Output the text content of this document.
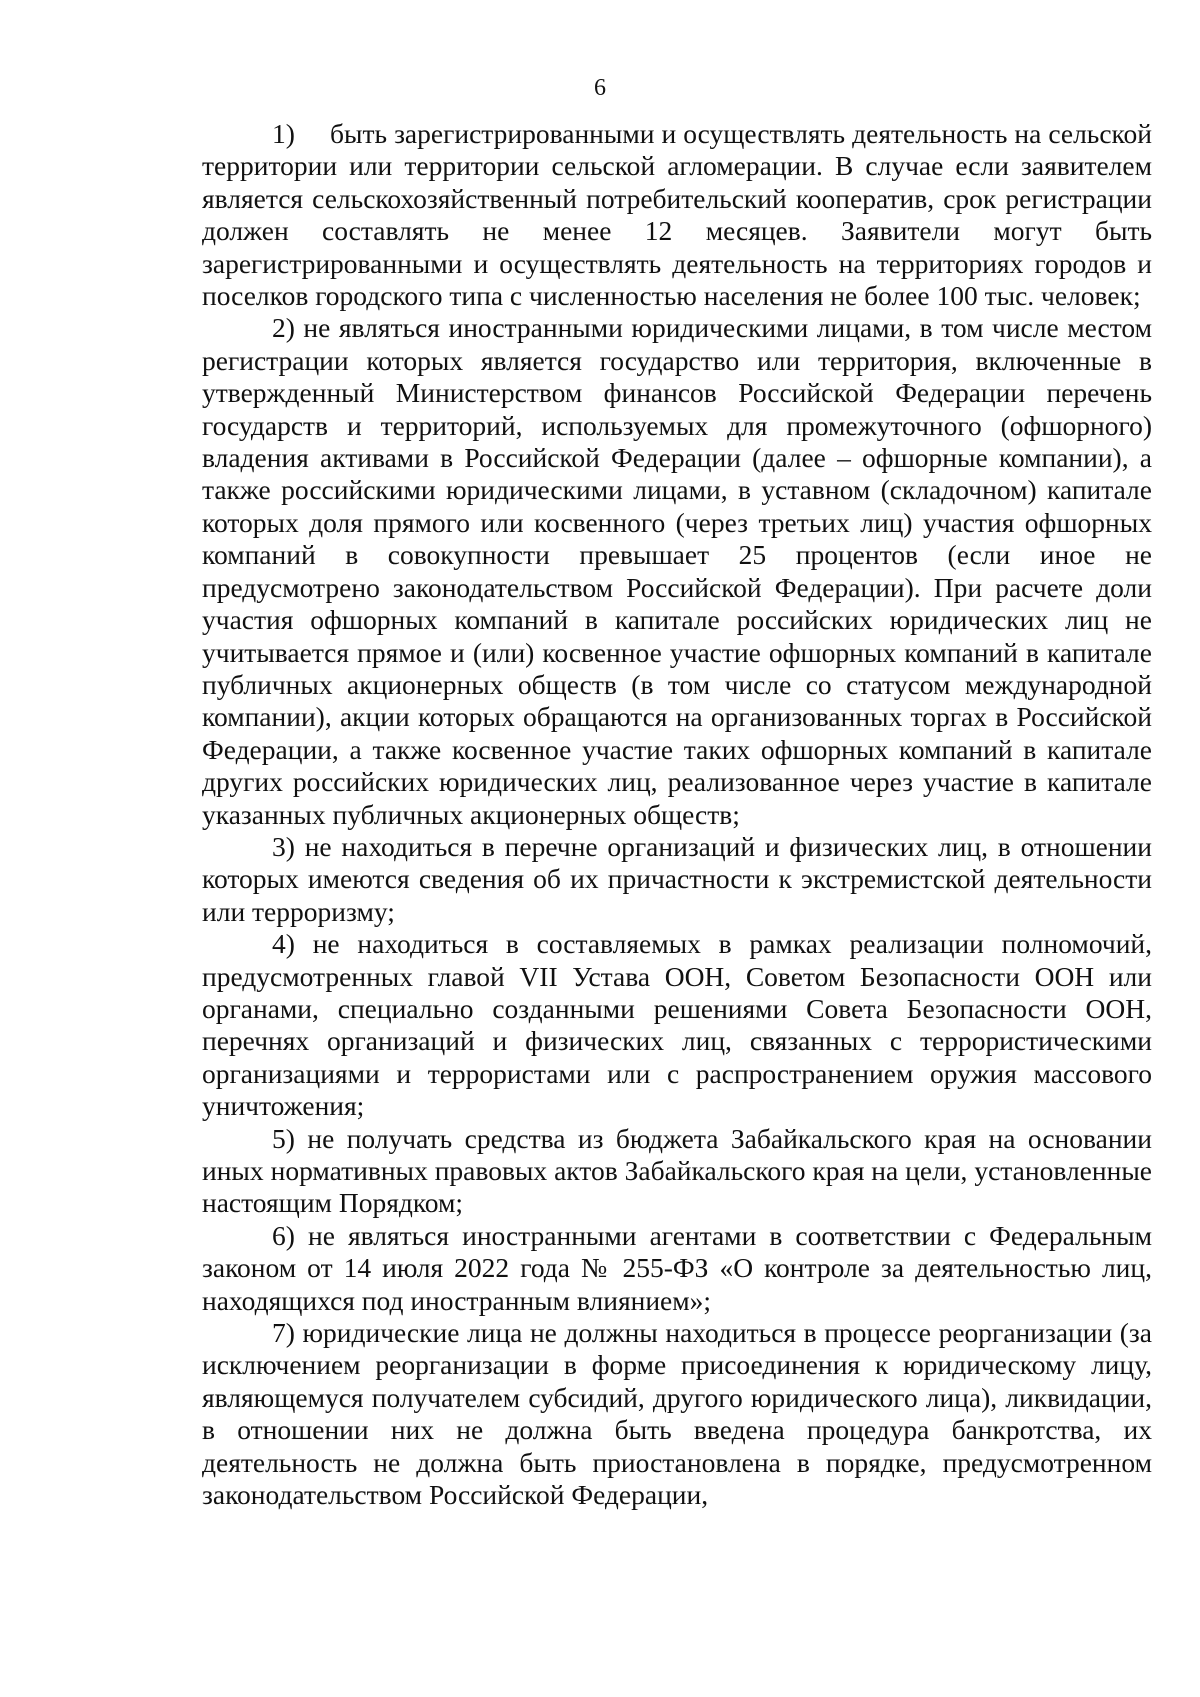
6

1)     быть зарегистрированными и осуществлять деятельность на сельской территории или территории сельской агломерации. В случае если заявителем является сельскохозяйственный потребительский кооператив, срок регистрации должен составлять не менее 12 месяцев. Заявители могут быть зарегистрированными и осуществлять деятельность на территориях городов и поселков городского типа с численностью населения не более 100 тыс. человек;

2) не являться иностранными юридическими лицами, в том числе местом регистрации которых является государство или территория, включенные в утвержденный Министерством финансов Российской Федерации перечень государств и территорий, используемых для промежуточного (офшорного) владения активами в Российской Федерации (далее – офшорные компании), а также российскими юридическими лицами, в уставном (складочном) капитале которых доля прямого или косвенного (через третьих лиц) участия офшорных компаний в совокупности превышает 25 процентов (если иное не предусмотрено законодательством Российской Федерации). При расчете доли участия офшорных компаний в капитале российских юридических лиц не учитывается прямое и (или) косвенное участие офшорных компаний в капитале публичных акционерных обществ (в том числе со статусом международной компании), акции которых обращаются на организованных торгах в Российской Федерации, а также косвенное участие таких офшорных компаний в капитале других российских юридических лиц, реализованное через участие в капитале указанных публичных акционерных обществ;

3) не находиться в перечне организаций и физических лиц, в отношении которых имеются сведения об их причастности к экстремистской деятельности или терроризму;

4) не находиться в составляемых в рамках реализации полномочий, предусмотренных главой VII Устава ООН, Советом Безопасности ООН или органами, специально созданными решениями Совета Безопасности ООН, перечнях организаций и физических лиц, связанных с террористическими организациями и террористами или с распространением оружия массового уничтожения;

5) не получать средства из бюджета Забайкальского края на основании иных нормативных правовых актов Забайкальского края на цели, установленные настоящим Порядком;

6) не являться иностранными агентами в соответствии с Федеральным законом от 14 июля 2022 года № 255-ФЗ «О контроле за деятельностью лиц, находящихся под иностранным влиянием»;

7) юридические лица не должны находиться в процессе реорганизации (за исключением реорганизации в форме присоединения к юридическому лицу, являющемуся получателем субсидий, другого юридического лица), ликвидации, в отношении них не должна быть введена процедура банкротства, их деятельность не должна быть приостановлена в порядке, предусмотренном законодательством Российской Федерации,
